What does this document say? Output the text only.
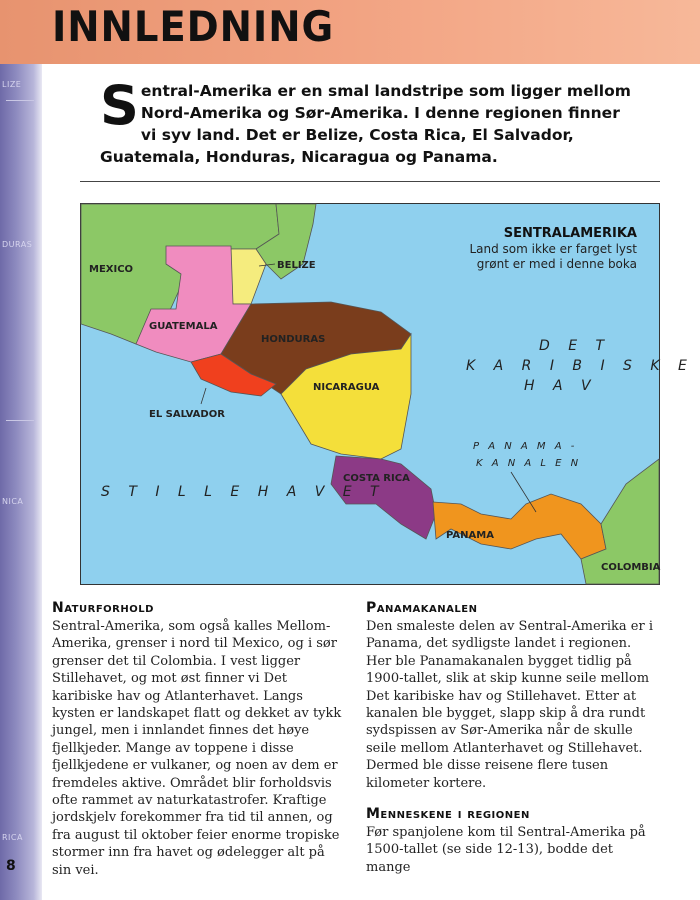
LIZE
DURAS
NICA
RICA
INNLEDNING

Sentral-Amerika er en smal landstripe som ligger mellom Nord-Amerika og Sør-Amerika. I denne regionen finner vi syv land. Det er Belize, Costa Rica, El Salvador, Guatemala, Honduras, Nicaragua og Panama.

MEXICO	BELIZE
GUATEMALA
HONDURAS
EL SALVADOR
NICARAGUA
COSTA RICA
PANAMA
COLOMBIA
D E T
K A R I B I S K E
H A V
S T I L L E H A V E T
P A N A M A -
K A N A L E N
SENTRALAMERIKA
Land som ikke er farget lyst
grønt er med i denne boka
Naturforhold

Sentral-Amerika, som også kalles Mellom-Amerika, grenser i nord til Mexico, og i sør grenser det til Colombia. I vest ligger Stillehavet, og mot øst finner vi Det karibiske hav og Atlanterhavet. Langs kysten er landskapet flatt og dekket av tykk jungel, men i innlandet finnes det høye fjellkjeder. Mange av toppene i disse fjellkjedene er vulkaner, og noen av dem er fremdeles aktive. Området blir forholdsvis ofte rammet av naturkatastrofer. Kraftige jordskjelv forekommer fra tid til annen, og fra august til oktober feier enorme tropiske stormer inn fra havet og ødelegger alt på sin vei.

Panamakanalen

Den smaleste delen av Sentral-Amerika er i Panama, det sydligste landet i regionen. Her ble Panamakanalen bygget tidlig på 1900-tallet, slik at skip kunne seile mellom Det karibiske hav og Stillehavet. Etter at kanalen ble bygget, slapp skip å dra rundt sydspissen av Sør-Amerika når de skulle seile mellom Atlanterhavet og Stillehavet. Dermed ble disse reisene flere tusen kilometer kortere.

Menneskene i regionen

Før spanjolene kom til Sentral-Amerika på 1500-tallet (se side 12-13), bodde det mange

8
